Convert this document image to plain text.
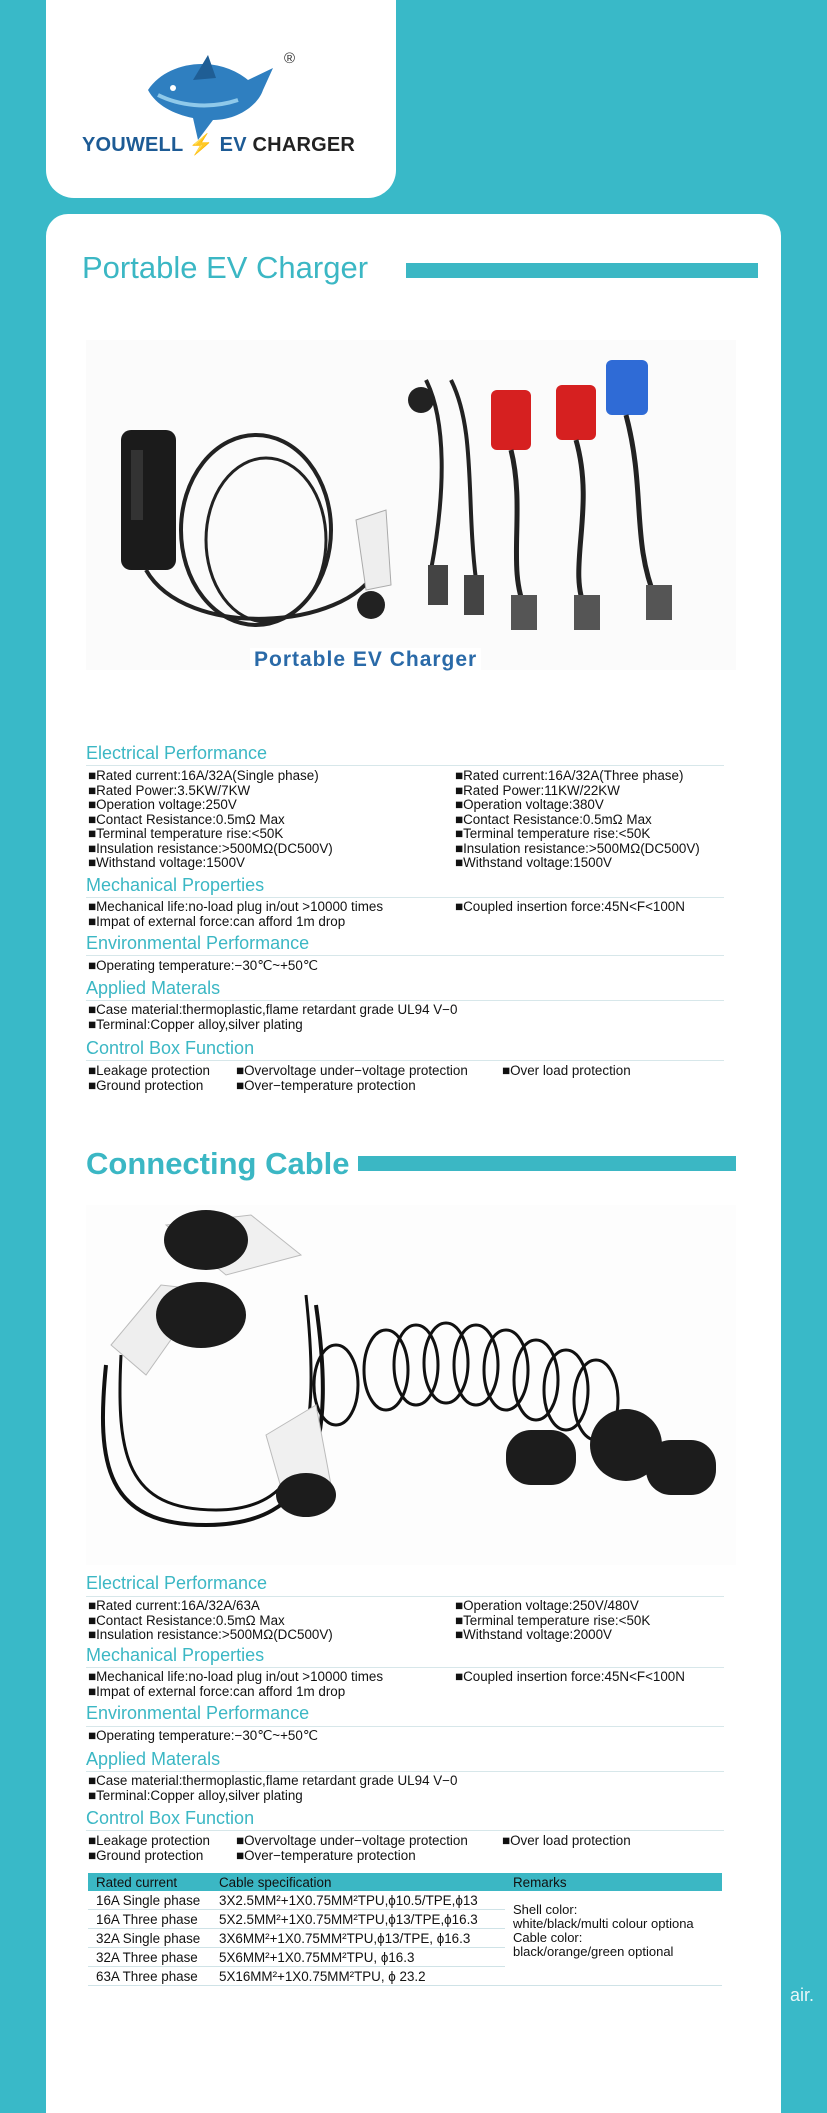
®
YOUWELL ⚡ EV CHARGER
Portable EV Charger
Portable EV Charger
Electrical Performance
■Rated current:16A/32A(Single phase)
■Rated Power:3.5KW/7KW
■Operation voltage:250V
■Contact Resistance:0.5mΩ Max
■Terminal temperature rise:<50K
■Insulation resistance:>500MΩ(DC500V)
■Withstand voltage:1500V
■Rated current:16A/32A(Three phase)
■Rated Power:11KW/22KW
■Operation voltage:380V
■Contact Resistance:0.5mΩ Max
■Terminal temperature rise:<50K
■Insulation resistance:>500MΩ(DC500V)
■Withstand voltage:1500V
Mechanical Properties
■Mechanical life:no-load plug in/out >10000 times
■Impat of external force:can afford 1m drop
■Coupled insertion force:45N<F<100N
Environmental Performance
■Operating temperature:−30℃~+50℃
Applied Materals
■Case material:thermoplastic,flame retardant grade UL94 V−0
■Terminal:Copper alloy,silver plating
Control Box Function
■Leakage protection ■Overvoltage under−voltage protection	■Over load protection
■Ground protection ■Over−temperature protection
Connecting Cable
Electrical Performance
■Rated current:16A/32A/63A
■Contact Resistance:0.5mΩ Max
■Insulation resistance:>500MΩ(DC500V)
■Operation voltage:250V/480V
■Terminal temperature rise:<50K
■Withstand voltage:2000V
Mechanical Properties
■Mechanical life:no-load plug in/out >10000 times
■Impat of external force:can afford 1m drop
■Coupled insertion force:45N<F<100N
Environmental Performance
■Operating temperature:−30℃~+50℃
Applied Materals
■Case material:thermoplastic,flame retardant grade UL94 V−0
■Terminal:Copper alloy,silver plating
Control Box Function
■Leakage protection ■Overvoltage under−voltage protection	■Over load protection
■Ground protection ■Over−temperature protection
Rated current	Cable specification	Remarks
16A Single phase	3X2.5MM²+1X0.75MM²TPU,ϕ10.5/TPE,ϕ13	Shell color:
white/black/multi colour optiona
Cable color:
black/orange/green optional

16A Three phase	5X2.5MM²+1X0.75MM²TPU,ϕ13/TPE,ϕ16.3	
32A Single phase	3X6MM²+1X0.75MM²TPU,ϕ13/TPE, ϕ16.3	
32A Three phase	5X6MM²+1X0.75MM²TPU, ϕ16.3	
63A Three phase	5X16MM²+1X0.75MM²TPU, ϕ 23.2	
air.
